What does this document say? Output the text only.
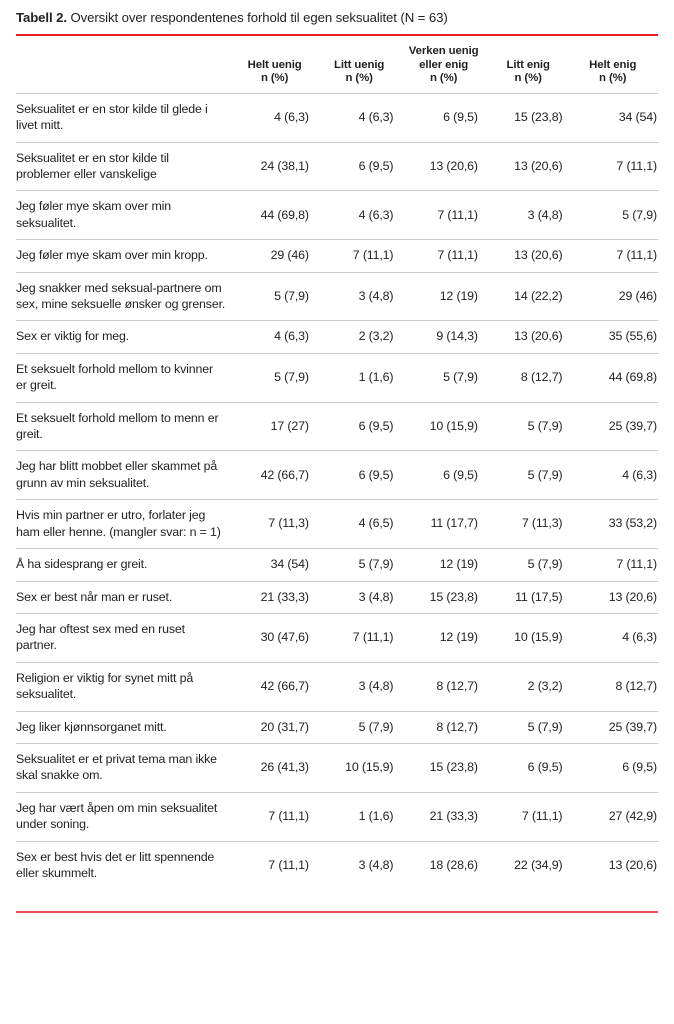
Tabell 2. Oversikt over respondentenes forhold til egen seksualitet (N = 63)

Helt uenig
n (%)

Litt uenig
n (%)

Verken uenig
eller enig
n (%)

Litt enig
n (%)

Helt enig
n (%)

Seksualitet er en stor kilde til glede i livet mitt.	4 (6,3)	4 (6,3)	6 (9,5)	15 (23,8)	34 (54)
Seksualitet er en stor kilde til problemer eller vanskelige	24 (38,1)	6 (9,5)	13 (20,6)	13 (20,6)	7 (11,1)
Jeg føler mye skam over min seksualitet.	44 (69,8)	4 (6,3)	7 (11,1)	3 (4,8)	5 (7,9)
Jeg føler mye skam over min kropp.	29 (46)	7 (11,1)	7 (11,1)	13 (20,6)	7 (11,1)
Jeg snakker med seksual-partnere om sex, mine seksuelle ønsker og grenser.	5 (7,9)	3 (4,8)	12 (19)	14 (22,2)	29 (46)
Sex er viktig for meg.	4 (6,3)	2 (3,2)	9 (14,3)	13 (20,6)	35 (55,6)
Et seksuelt forhold mellom to kvinner er greit.	5 (7,9)	1 (1,6)	5 (7,9)	8 (12,7)	44 (69,8)
Et seksuelt forhold mellom to menn er greit.	17 (27)	6 (9,5)	10 (15,9)	5 (7,9)	25 (39,7)
Jeg har blitt mobbet eller skammet på grunn av min seksualitet.	42 (66,7)	6 (9,5)	6 (9,5)	5 (7,9)	4 (6,3)
Hvis min partner er utro, forlater jeg ham eller henne. (mangler svar: n = 1)	7 (11,3)	4 (6,5)	11 (17,7)	7 (11,3)	33 (53,2)
Å ha sidesprang er greit.	34 (54)	5 (7,9)	12 (19)	5 (7,9)	7 (11,1)
Sex er best når man er ruset.	21 (33,3)	3 (4,8)	15 (23,8)	11 (17,5)	13 (20,6)
Jeg har oftest sex med en ruset partner.	30 (47,6)	7 (11,1)	12 (19)	10 (15,9)	4 (6,3)
Religion er viktig for synet mitt på seksualitet.	42 (66,7)	3 (4,8)	8 (12,7)	2 (3,2)	8 (12,7)
Jeg liker kjønnsorganet mitt.	20 (31,7)	5 (7,9)	8 (12,7)	5 (7,9)	25 (39,7)
Seksualitet er et privat tema man ikke skal snakke om.	26 (41,3)	10 (15,9)	15 (23,8)	6 (9,5)	6 (9,5)
Jeg har vært åpen om min seksualitet under soning.	7 (11,1)	1 (1,6)	21 (33,3)	7 (11,1)	27 (42,9)
Sex er best hvis det er litt spennende eller skummelt.	7 (11,1)	3 (4,8)	18 (28,6)	22 (34,9)	13 (20,6)
